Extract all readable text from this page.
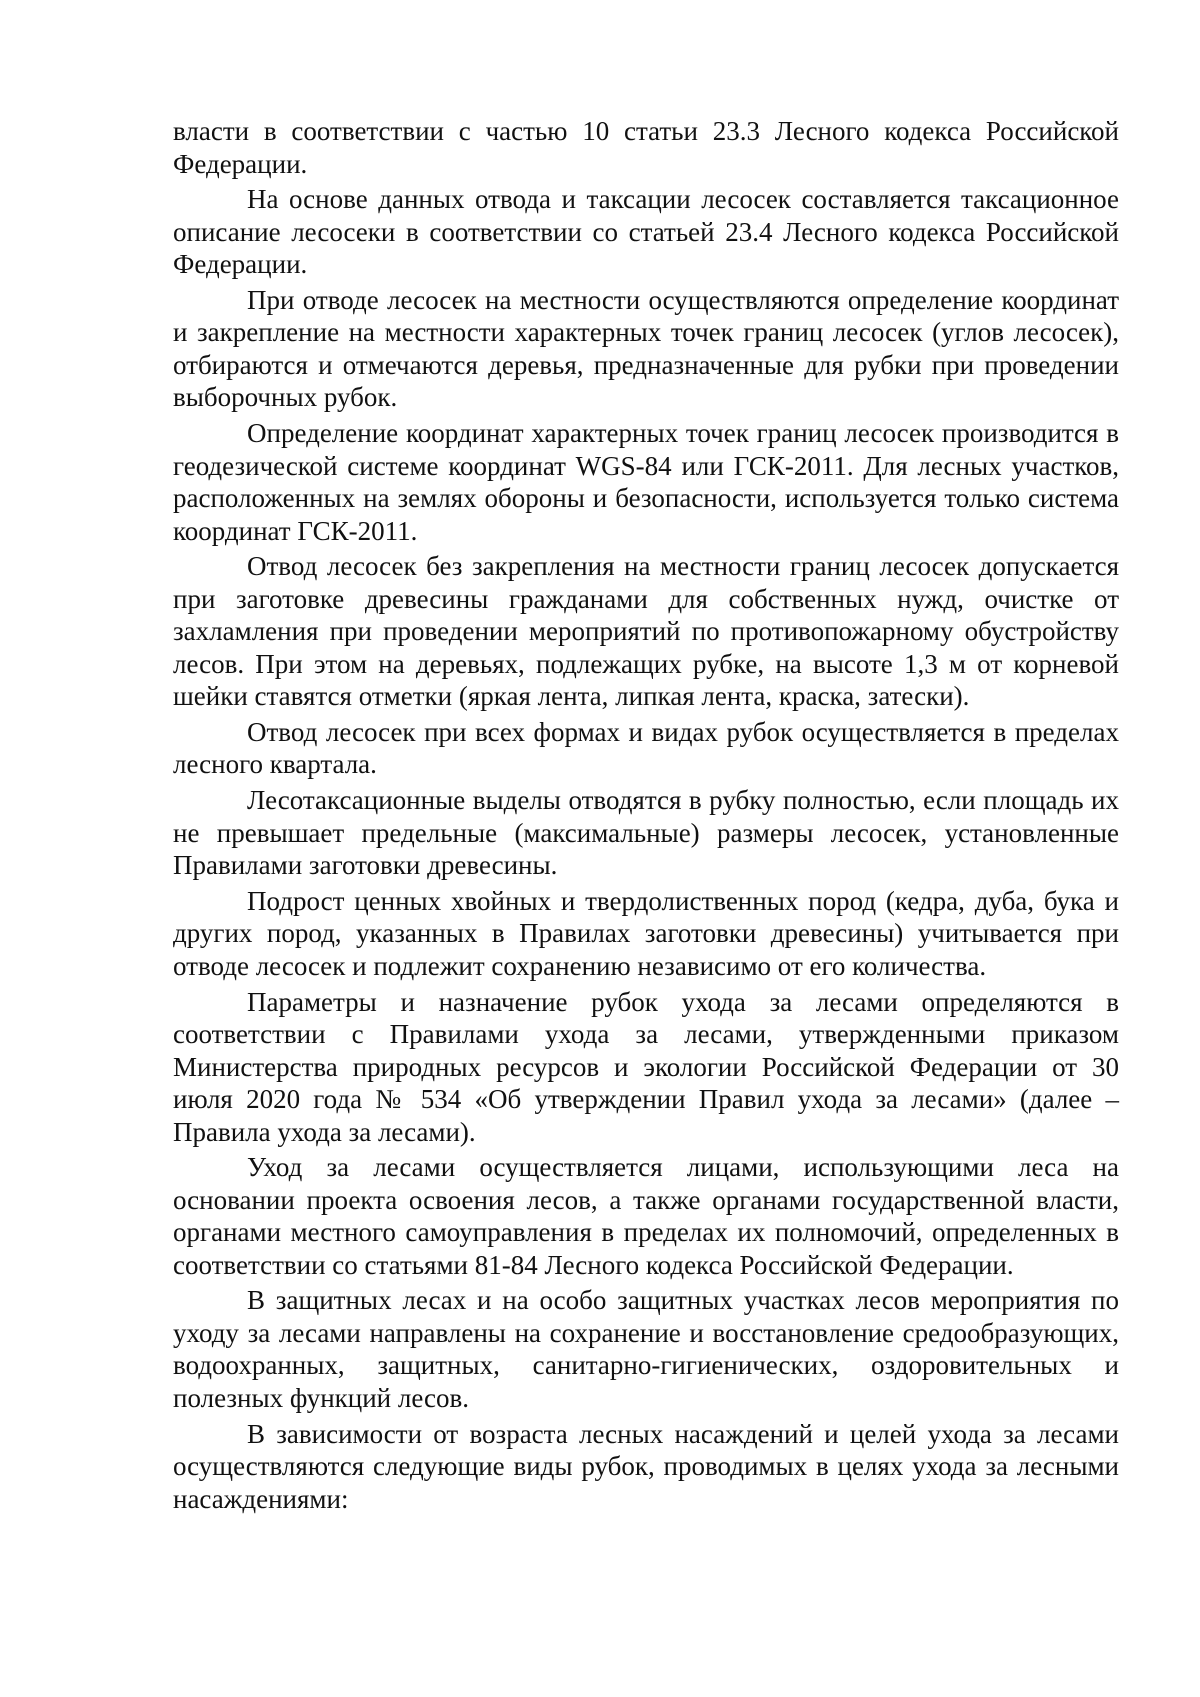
власти в соответствии с частью 10 статьи 23.3 Лесного кодекса Российской Федерации.

На основе данных отвода и таксации лесосек составляется таксационное описание лесосеки в соответствии со статьей 23.4 Лесного кодекса Российской Федерации.

При отводе лесосек на местности осуществляются определение координат и закрепление на местности характерных точек границ лесосек (углов лесосек), отбираются и отмечаются деревья, предназначенные для рубки при проведении выборочных рубок.

Определение координат характерных точек границ лесосек производится в геодезической системе координат WGS-84 или ГСК-2011. Для лесных участков, расположенных на землях обороны и безопасности, используется только система координат ГСК-2011.

Отвод лесосек без закрепления на местности границ лесосек допускается при заготовке древесины гражданами для собственных нужд, очистке от захламления при проведении мероприятий по противопожарному обустройству лесов. При этом на деревьях, подлежащих рубке, на высоте 1,3 м от корневой шейки ставятся отметки (яркая лента, липкая лента, краска, затески).

Отвод лесосек при всех формах и видах рубок осуществляется в пределах лесного квартала.

Лесотаксационные выделы отводятся в рубку полностью, если площадь их не превышает предельные (максимальные) размеры лесосек, установленные Правилами заготовки древесины.

Подрост ценных хвойных и твердолиственных пород (кедра, дуба, бука и других пород, указанных в Правилах заготовки древесины) учитывается при отводе лесосек и подлежит сохранению независимо от его количества.

Параметры и назначение рубок ухода за лесами определяются в соответствии с Правилами ухода за лесами, утвержденными приказом Министерства природных ресурсов и экологии Российской Федерации от 30 июля 2020 года № 534 «Об утверждении Правил ухода за лесами» (далее – Правила ухода за лесами).

Уход за лесами осуществляется лицами, использующими леса на основании проекта освоения лесов, а также органами государственной власти, органами местного самоуправления в пределах их полномочий, определенных в соответствии со статьями 81-84 Лесного кодекса Российской Федерации.

В защитных лесах и на особо защитных участках лесов мероприятия по уходу за лесами направлены на сохранение и восстановление средообразующих, водоохранных, защитных, санитарно-гигиенических, оздоровительных и полезных функций лесов.

В зависимости от возраста лесных насаждений и целей ухода за лесами осуществляются следующие виды рубок, проводимых в целях ухода за лесными насаждениями:
